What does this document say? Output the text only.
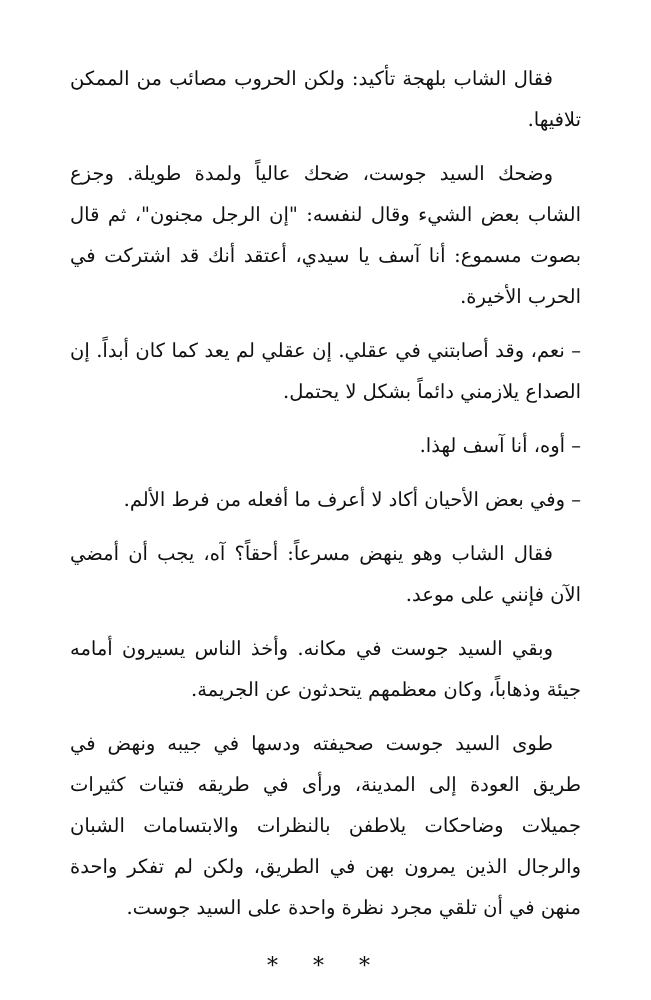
فقال الشاب بلهجة تأكيد: ولكن الحروب مصائب من الممكن تلافيها.

وضحك السيد جوست، ضحك عالياً ولمدة طويلة. وجزع الشاب بعض الشيء وقال لنفسه: "إن الرجل مجنون"، ثم قال بصوت مسموع: أنا آسف يا سيدي، أعتقد أنك قد اشتركت في الحرب الأخيرة.

– نعم، وقد أصابتني في عقلي. إن عقلي لم يعد كما كان أبداً. إن الصداع يلازمني دائماً بشكل لا يحتمل.

– أوه، أنا آسف لهذا.

– وفي بعض الأحيان أكاد لا أعرف ما أفعله من فرط الألم.

فقال الشاب وهو ينهض مسرعاً: أحقاً؟ آه، يجب أن أمضي الآن فإنني على موعد.

وبقي السيد جوست في مكانه. وأخذ الناس يسيرون أمامه جيئة وذهاباً، وكان معظمهم يتحدثون عن الجريمة.

طوى السيد جوست صحيفته ودسها في جيبه ونهض في طريق العودة إلى المدينة، ورأى في طريقه فتيات كثيرات جميلات وضاحكات يلاطفن بالنظرات والابتسامات الشبان والرجال الذين يمرون بهن في الطريق، ولكن لم تفكر واحدة منهن في أن تلقي مجرد نظرة واحدة على السيد جوست.

* * *
